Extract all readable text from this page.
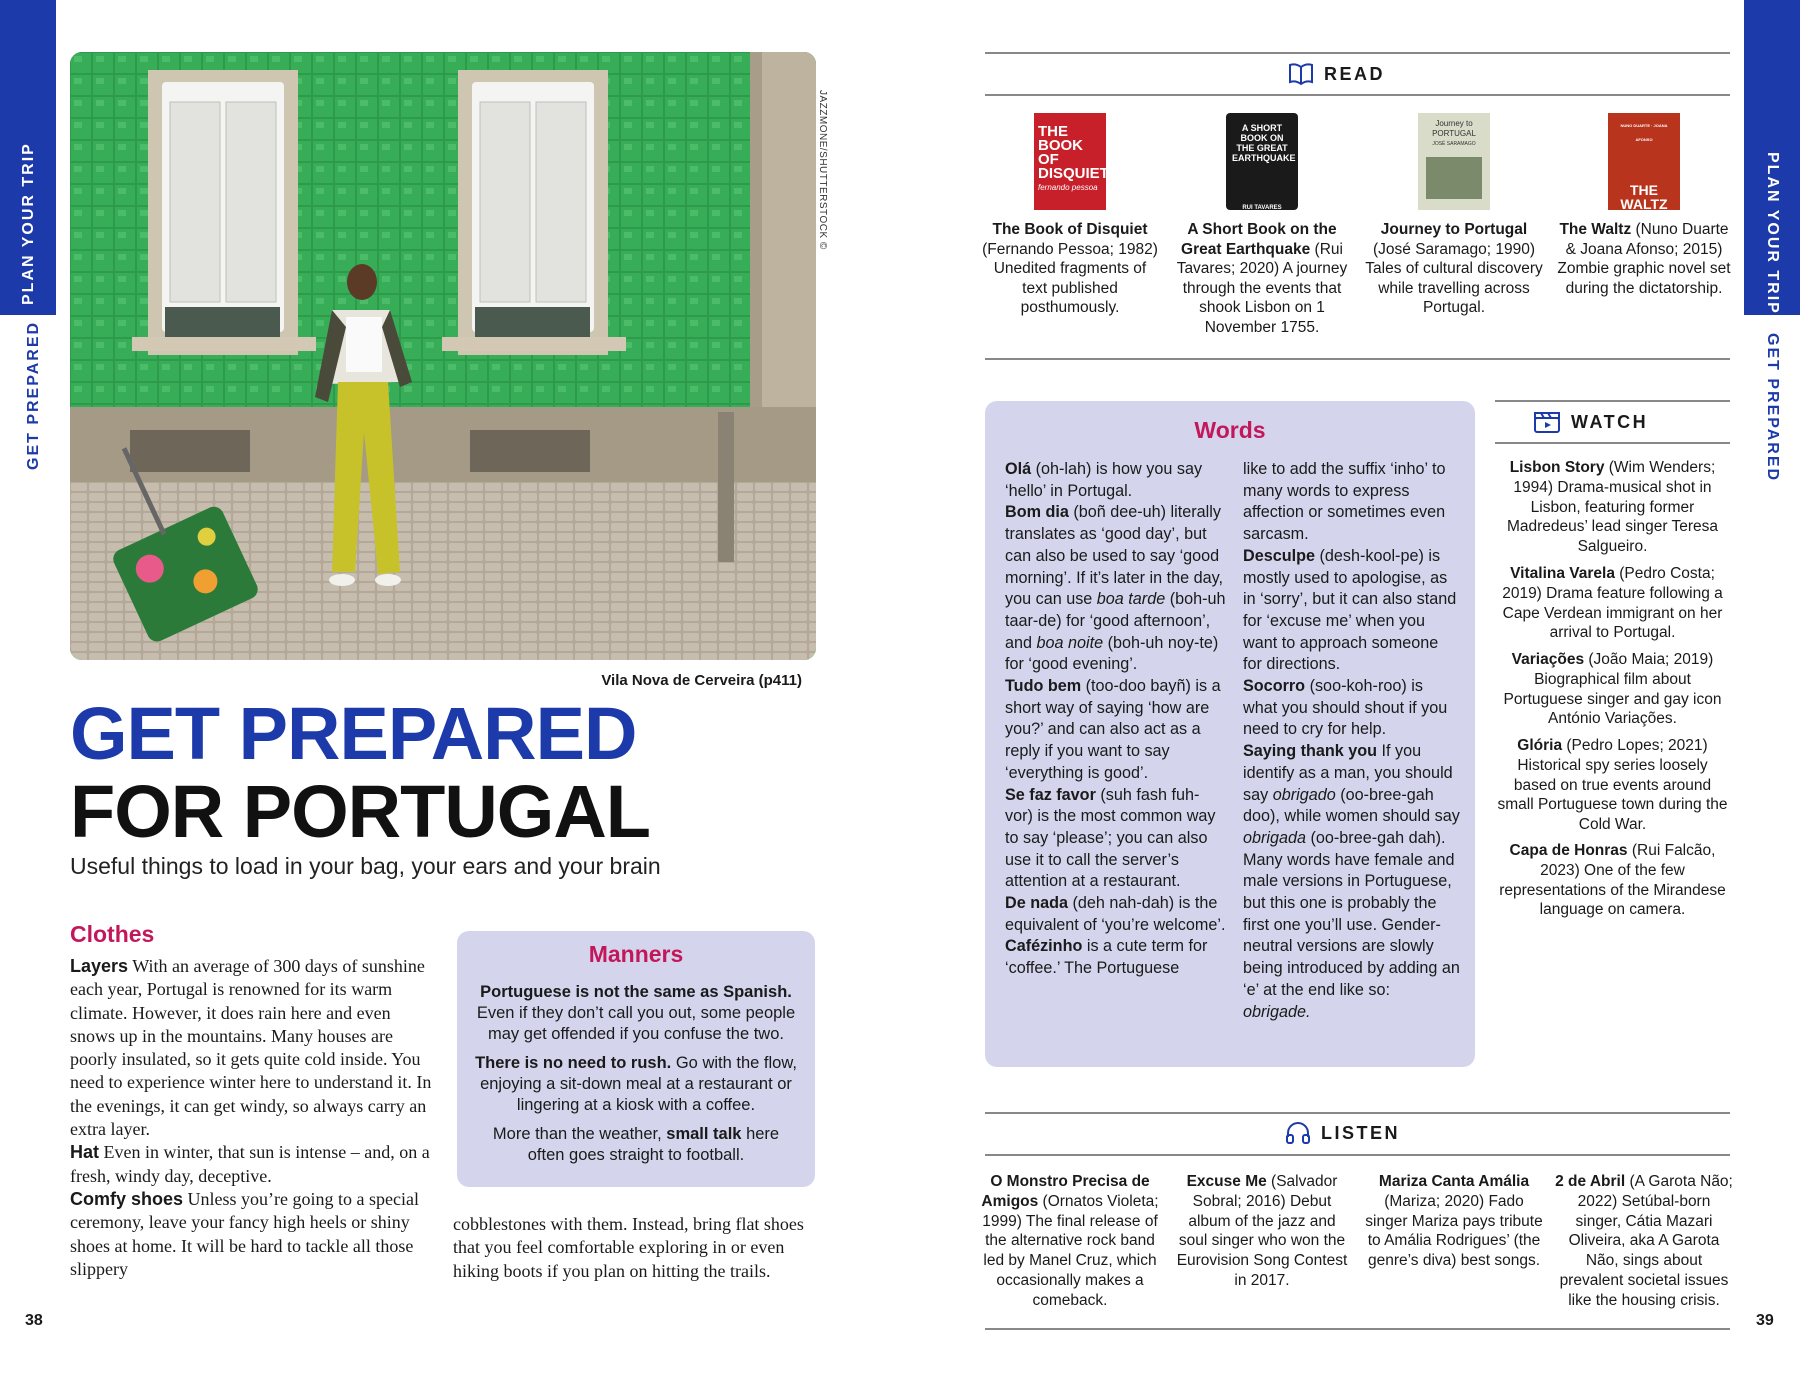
PLAN YOUR TRIP
GET PREPARED
PLAN YOUR TRIP
GET PREPARED
JAZZMONE/SHUTTERSTOCK ©
Vila Nova de Cerveira (p411)
GET PREPARED
FOR PORTUGAL
Useful things to load in your bag, your ears and your brain
Clothes
Layers With an average of 300 days of sunshine each year, Portugal is renowned for its warm climate. However, it does rain here and even snows up in the mountains. Many houses are poorly insulated, so it gets quite cold inside. You need to experience winter here to understand it. In the evenings, it can get windy, so always carry an extra layer.
Hat Even in winter, that sun is intense – and, on a fresh, windy day, deceptive.
Comfy shoes Unless you’re going to a special ceremony, leave your fancy high heels or shiny shoes at home. It will be hard to tackle all those slippery
cobblestones with them. Instead, bring flat shoes that you feel comfortable exploring in or even hiking boots if you plan on hitting the trails.
Manners

Portuguese is not the same as Spanish. Even if they don’t call you out, some people may get offended if you confuse the two.

There is no need to rush. Go with the flow, enjoying a sit-down meal at a restaurant or lingering at a kiosk with a coffee.

More than the weather, small talk here often goes straight to football.

38
READ
THE BOOK OF DISQUIET
fernando pessoa
A SHORT BOOK ON THE GREAT EARTHQUAKE
RUI TAVARES
Journey to PORTUGAL
JOSÉ SARAMAGO
NUNO DUARTE · JOANA AFONSO
THE WALTZ
The Book of Disquiet (Fernando Pessoa; 1982) Unedited fragments of text published posthumously.
A Short Book on the Great Earthquake (Rui Tavares; 2020) A journey through the events that shook Lisbon on 1 November 1755.
Journey to Portugal (José Saramago; 1990) Tales of cultural discovery while travelling across Portugal.
The Waltz (Nuno Duarte & Joana Afonso; 2015) Zombie graphic novel set during the dictatorship.
Words
Olá (oh-lah) is how you say ‘hello’ in Portugal.
Bom dia (boñ dee-uh) literally translates as ‘good day’, but can also be used to say ‘good morning’. If it’s later in the day, you can use boa tarde (boh-uh taar-de) for ‘good afternoon’, and boa noite (boh-uh noy-te) for ‘good evening’.
Tudo bem (too-doo bayñ) is a short way of saying ‘how are you?’ and can also act as a reply if you want to say ‘everything is good’.
Se faz favor (suh fash fuh-vor) is the most common way to say ‘please’; you can also use it to call the server’s attention at a restaurant.
De nada (deh nah-dah) is the equivalent of ‘you’re welcome’.
Cafézinho is a cute term for ‘coffee.’ The Portuguese
like to add the suffix ‘inho’ to many words to express affection or sometimes even sarcasm.
Desculpe (desh-kool-pe) is mostly used to apologise, as in ‘sorry’, but it can also stand for ‘excuse me’ when you want to approach someone for directions.
Socorro (soo-koh-roo) is what you should shout if you need to cry for help.
Saying thank you If you identify as a man, you should say obrigado (oo-bree-gah doo), while women should say obrigada (oo-bree-gah dah). Many words have female and male versions in Portuguese, but this one is probably the first one you’ll use. Gender-neutral versions are slowly being introduced by adding an ‘e’ at the end like so: obrigade.
WATCH
Lisbon Story (Wim Wenders; 1994) Drama-musical shot in Lisbon, featuring former Madredeus’ lead singer Teresa Salgueiro.
Vitalina Varela (Pedro Costa; 2019) Drama feature following a Cape Verdean immigrant on her arrival to Portugal.
Variações (João Maia; 2019) Biographical film about Portuguese singer and gay icon António Variações.
Glória (Pedro Lopes; 2021) Historical spy series loosely based on true events around small Portuguese town during the Cold War.
Capa de Honras (Rui Falcão, 2023) One of the few representations of the Mirandese language on camera.
LISTEN
O Monstro Precisa de Amigos (Ornatos Violeta; 1999) The final release of the alternative rock band led by Manel Cruz, which occasionally makes a comeback.
Excuse Me (Salvador Sobral; 2016) Debut album of the jazz and soul singer who won the Eurovision Song Contest in 2017.
Mariza Canta Amália (Mariza; 2020) Fado singer Mariza pays tribute to Amália Rodrigues’ (the genre’s diva) best songs.
2 de Abril (A Garota Não; 2022) Setúbal-born singer, Cátia Mazari Oliveira, aka A Garota Não, sings about prevalent societal issues like the housing crisis.
39
